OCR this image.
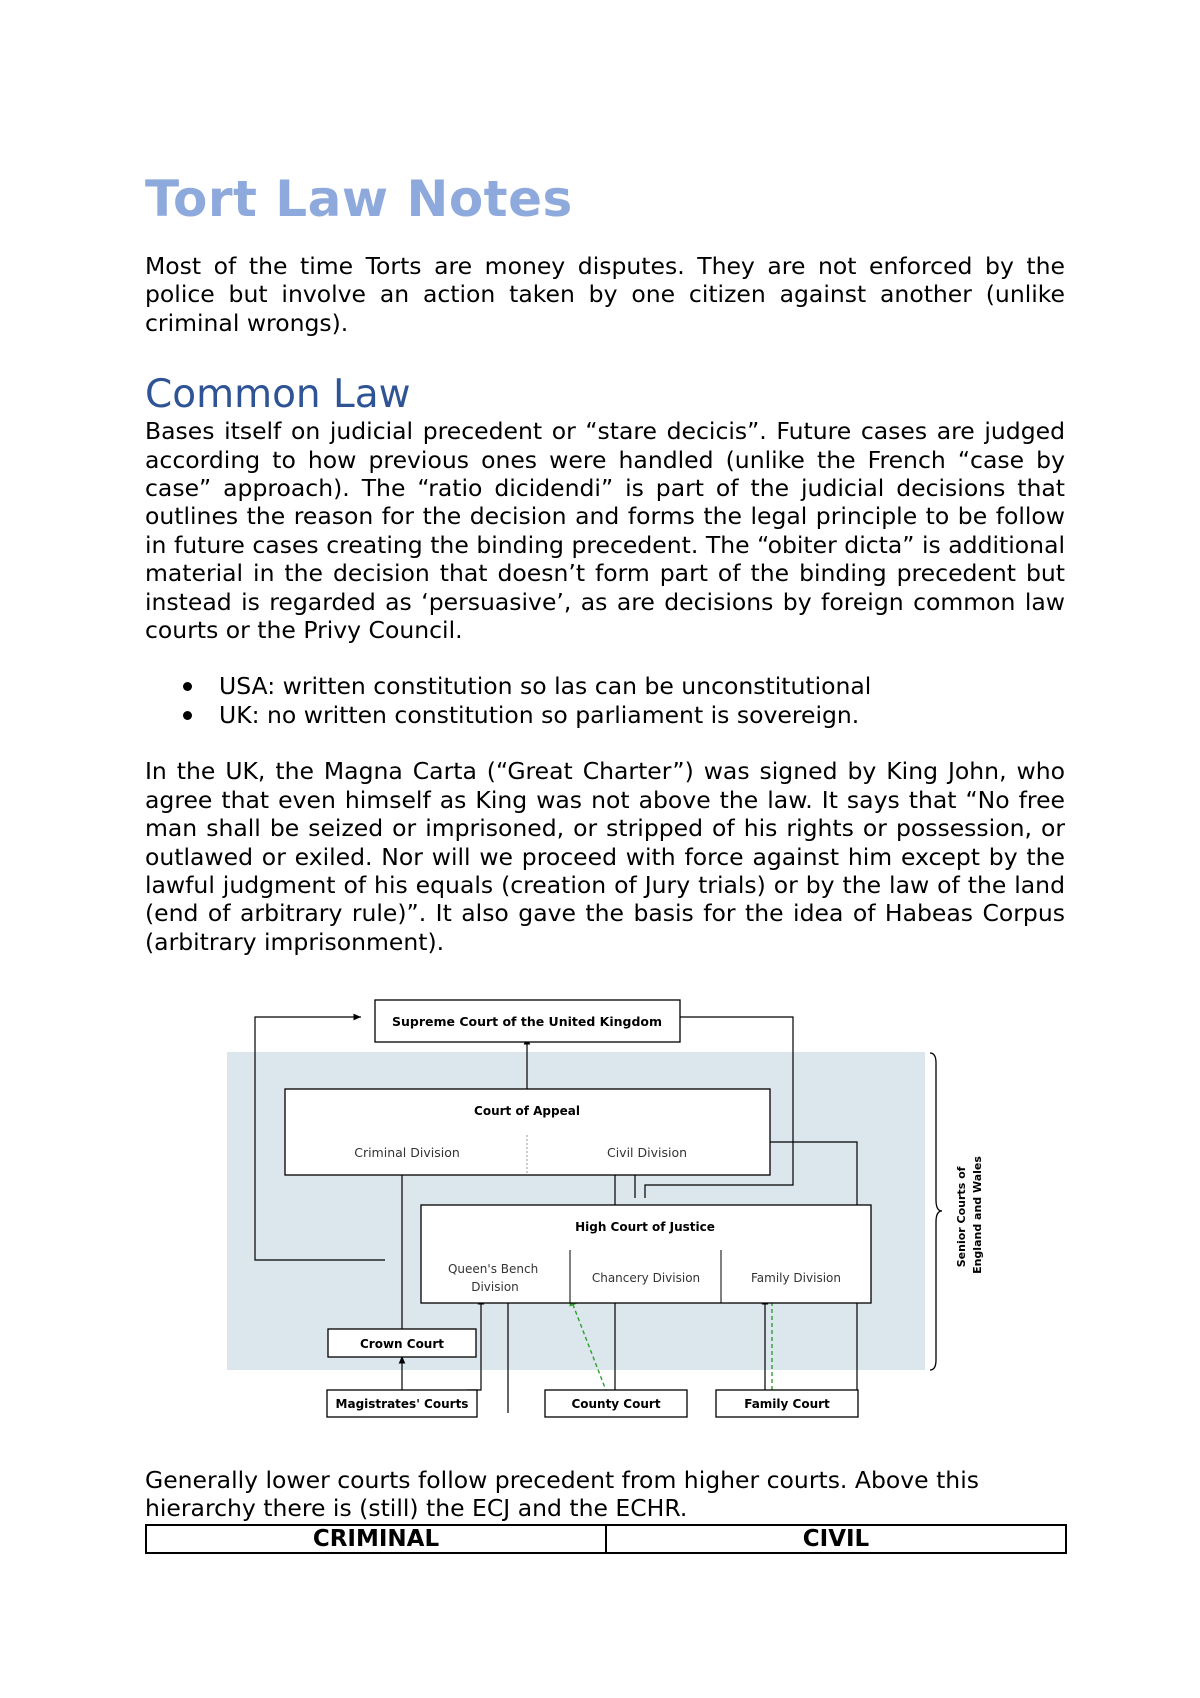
Tort Law Notes

Most of the time Torts are money disputes. They are not enforced by the police but involve an action taken by one citizen against another (unlike criminal wrongs).

Common Law

Bases itself on judicial precedent or “stare decicis”. Future cases are judged according to how previous ones were handled (unlike the French “case by case” approach). The “ratio dicidendi” is part of the judicial decisions that outlines the reason for the decision and forms the legal principle to be follow in future cases creating the binding precedent. The “obiter dicta” is additional material in the decision that doesn’t form part of the binding precedent but instead is regarded as ‘persuasive’, as are decisions by foreign common law courts or the Privy Council.

USA: written constitution so las can be unconstitutional
UK: no written constitution so parliament is sovereign.

In the UK, the Magna Carta (“Great Charter”) was signed by King John, who agree that even himself as King was not above the law. It says that “No free man shall be seized or imprisoned, or stripped of his rights or possession, or outlawed or exiled. Nor will we proceed with force against him except by the lawful judgment of his equals (creation of Jury trials) or by the law of the land (end of arbitrary rule)”. It also gave the basis for the idea of Habeas Corpus (arbitrary imprisonment).

Senior Courts of England and Wales
Supreme Court of the United Kingdom
Court of Appeal
Criminal Division	Civil Division
High Court of Justice
Queen's Bench Division
Chancery Division	Family Division
Crown Court
Magistrates' Courts	County Court	Family Court

Generally lower courts follow precedent from higher courts. Above this hierarchy there is (still) the ECJ and the ECHR.

CRIMINAL	CIVIL
